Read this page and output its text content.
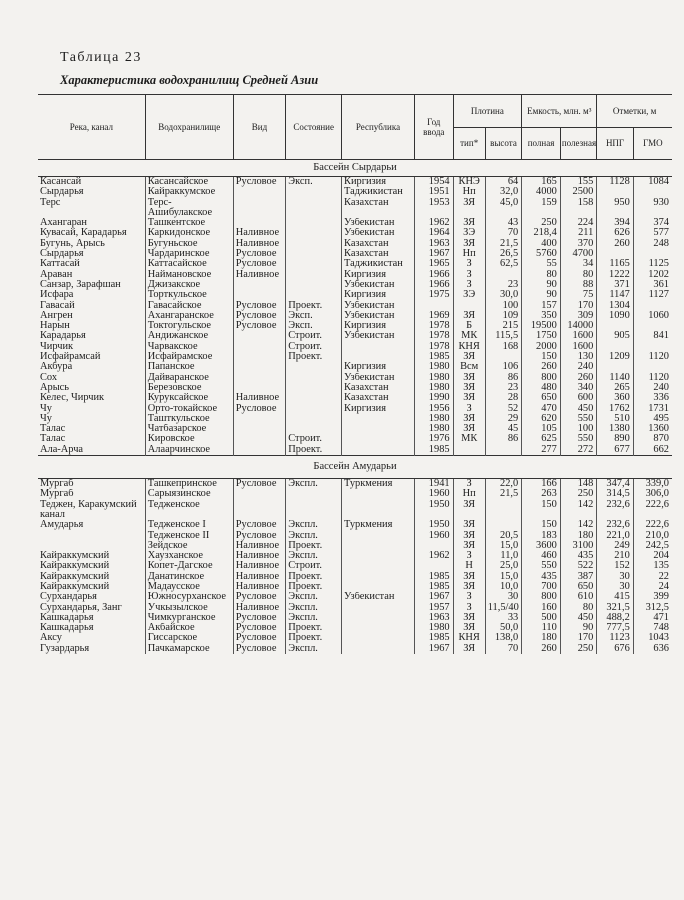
Таблица 23
Характеристика водохранилищ Средней Азии
Река, канал	Водохранилище	Вид	Состояние	Республика	Год ввода	Плотина		Емкость, млн. м³		Отметки, м	
						тип*	высота	полная	полезная	НПГ	ГМО
Бассейн Сырдарьи											
Касансай	Касансайское	Русловое	Эксп.	Киргизия	1954	КНЭ	64	165	155	1128	1084
Сырдарья	Кайраккумское			Таджикистан	1951	Нп	32,0	4000	2500		
Терс	Терс-Ашибулакское			Казахстан	1953	ЗЯ	45,0	159	158	950	930
Ахангаран	Ташкентское			Узбекистан	1962	ЗЯ	43	250	224	394	374
Кувасай, Карадарья	Каркидонское	Наливное		Узбекистан	1964	ЗЭ	70	218,4	211	626	577
Бугунь, Арысь	Бугуньское	Наливное		Казахстан	1963	ЗЯ	21,5	400	370	260	248
Сырдарья	Чардаринское	Русловое		Казахстан	1967	Нп	26,5	5760	4700		
Каттасай	Каттасайское	Русловое		Таджикистан	1965	З	62,5	55	34	1165	1125
Араван	Наймановское	Наливное		Киргизия	1966	З		80	80	1222	1202
Санзар, Зарафшан	Джизакское			Узбекистан	1966	З	23	90	88	371	361
Исфара	Торткульское			Киргизия	1975	ЗЭ	30,0	90	75	1147	1127
Гавасай	Гавасайское	Русловое	Проект.	Узбекистан			100	157	170	1304	
Ангрен	Ахангаранское	Русловое	Эксп.	Узбекистан	1969	ЗЯ	109	350	309	1090	1060
Нарын	Токтогульское	Русловое	Эксп.	Киргизия	1978	Б	215	19500	14000		
Карадарья	Андижанское		Строит.	Узбекистан	1978	МК	115,5	1750	1600	905	841
Чирчик	Чарвакское		Строит.		1978	КНЯ	168	2000	1600		
Исфайрамсай	Исфайрамское		Проект.		1985	ЗЯ		150	130	1209	1120
Акбура	Папанское			Киргизия	1980	Всм	106	260	240		
Сох	Дайваранское			Узбекистан	1980	ЗЯ	86	800	260	1140	1120
Арысь	Березовское			Казахстан	1980	ЗЯ	23	480	340	265	240
Келес, Чирчик	Куруксайское	Наливное		Казахстан	1990	ЗЯ	28	650	600	360	336
Чу	Орто-токайское	Русловое		Киргизия	1956	З	52	470	450	1762	1731
Чу	Ташткульское				1980	ЗЯ	29	620	550	510	495
Талас	Чатбазарское				1980	ЗЯ	45	105	100	1380	1360
Талас	Кировское		Строит.		1976	МК	86	625	550	890	870
Ала-Арча	Алаарчинское		Проект.		1985			277	272	677	662
Бассейн Амударьи											
Мургаб	Ташкепринское	Русловое	Экспл.	Туркмения	1941	З	22,0	166	148	347,4	339,0
Мургаб	Сарыязинское				1960	Нп	21,5	263	250	314,5	306,0
Теджен, Каракумский канал	Тедженское				1950	ЗЯ		150	142	232,6	222,6
Амударья	Тедженское I	Русловое	Экспл.	Туркмения	1950	ЗЯ		150	142	232,6	222,6
	Тедженское II	Русловое	Экспл.		1960	ЗЯ	20,5	183	180	221,0	210,0
	Зейдское	Наливное	Проект.			ЗЯ	15,0	3600	3100	249	242,5
Кайраккумский	Хаузханское	Наливное	Экспл.		1962	З	11,0	460	435	210	204
Кайраккумский	Копет-Дагское	Наливное	Строит.			Н	25,0	550	522	152	135
Кайраккумский	Данатинское	Наливное	Проект.		1985	ЗЯ	15,0	435	387	30	22
Кайраккумский	Мадаусское	Наливное	Проект.		1985	ЗЯ	10,0	700	650	30	24
Сурхандарья	Южносурханское	Русловое	Экспл.	Узбекистан	1967	З	30	800	610	415	399
Сурхандарья, Занг	Учкызылское	Наливное	Экспл.		1957	З	11,5/40	160	80	321,5	312,5
Кашкадарья	Чимкурганское	Русловое	Экспл.		1963	ЗЯ	33	500	450	488,2	471
Кашкадарья	Акбайское	Русловое	Проект.		1980	ЗЯ	50,0	110	90	777,5	748
Аксу	Гиссарское	Русловое	Проект.		1985	КНЯ	138,0	180	170	1123	1043
Гузардарья	Пачкамарское	Русловое	Экспл.		1967	ЗЯ	70	260	250	676	636
